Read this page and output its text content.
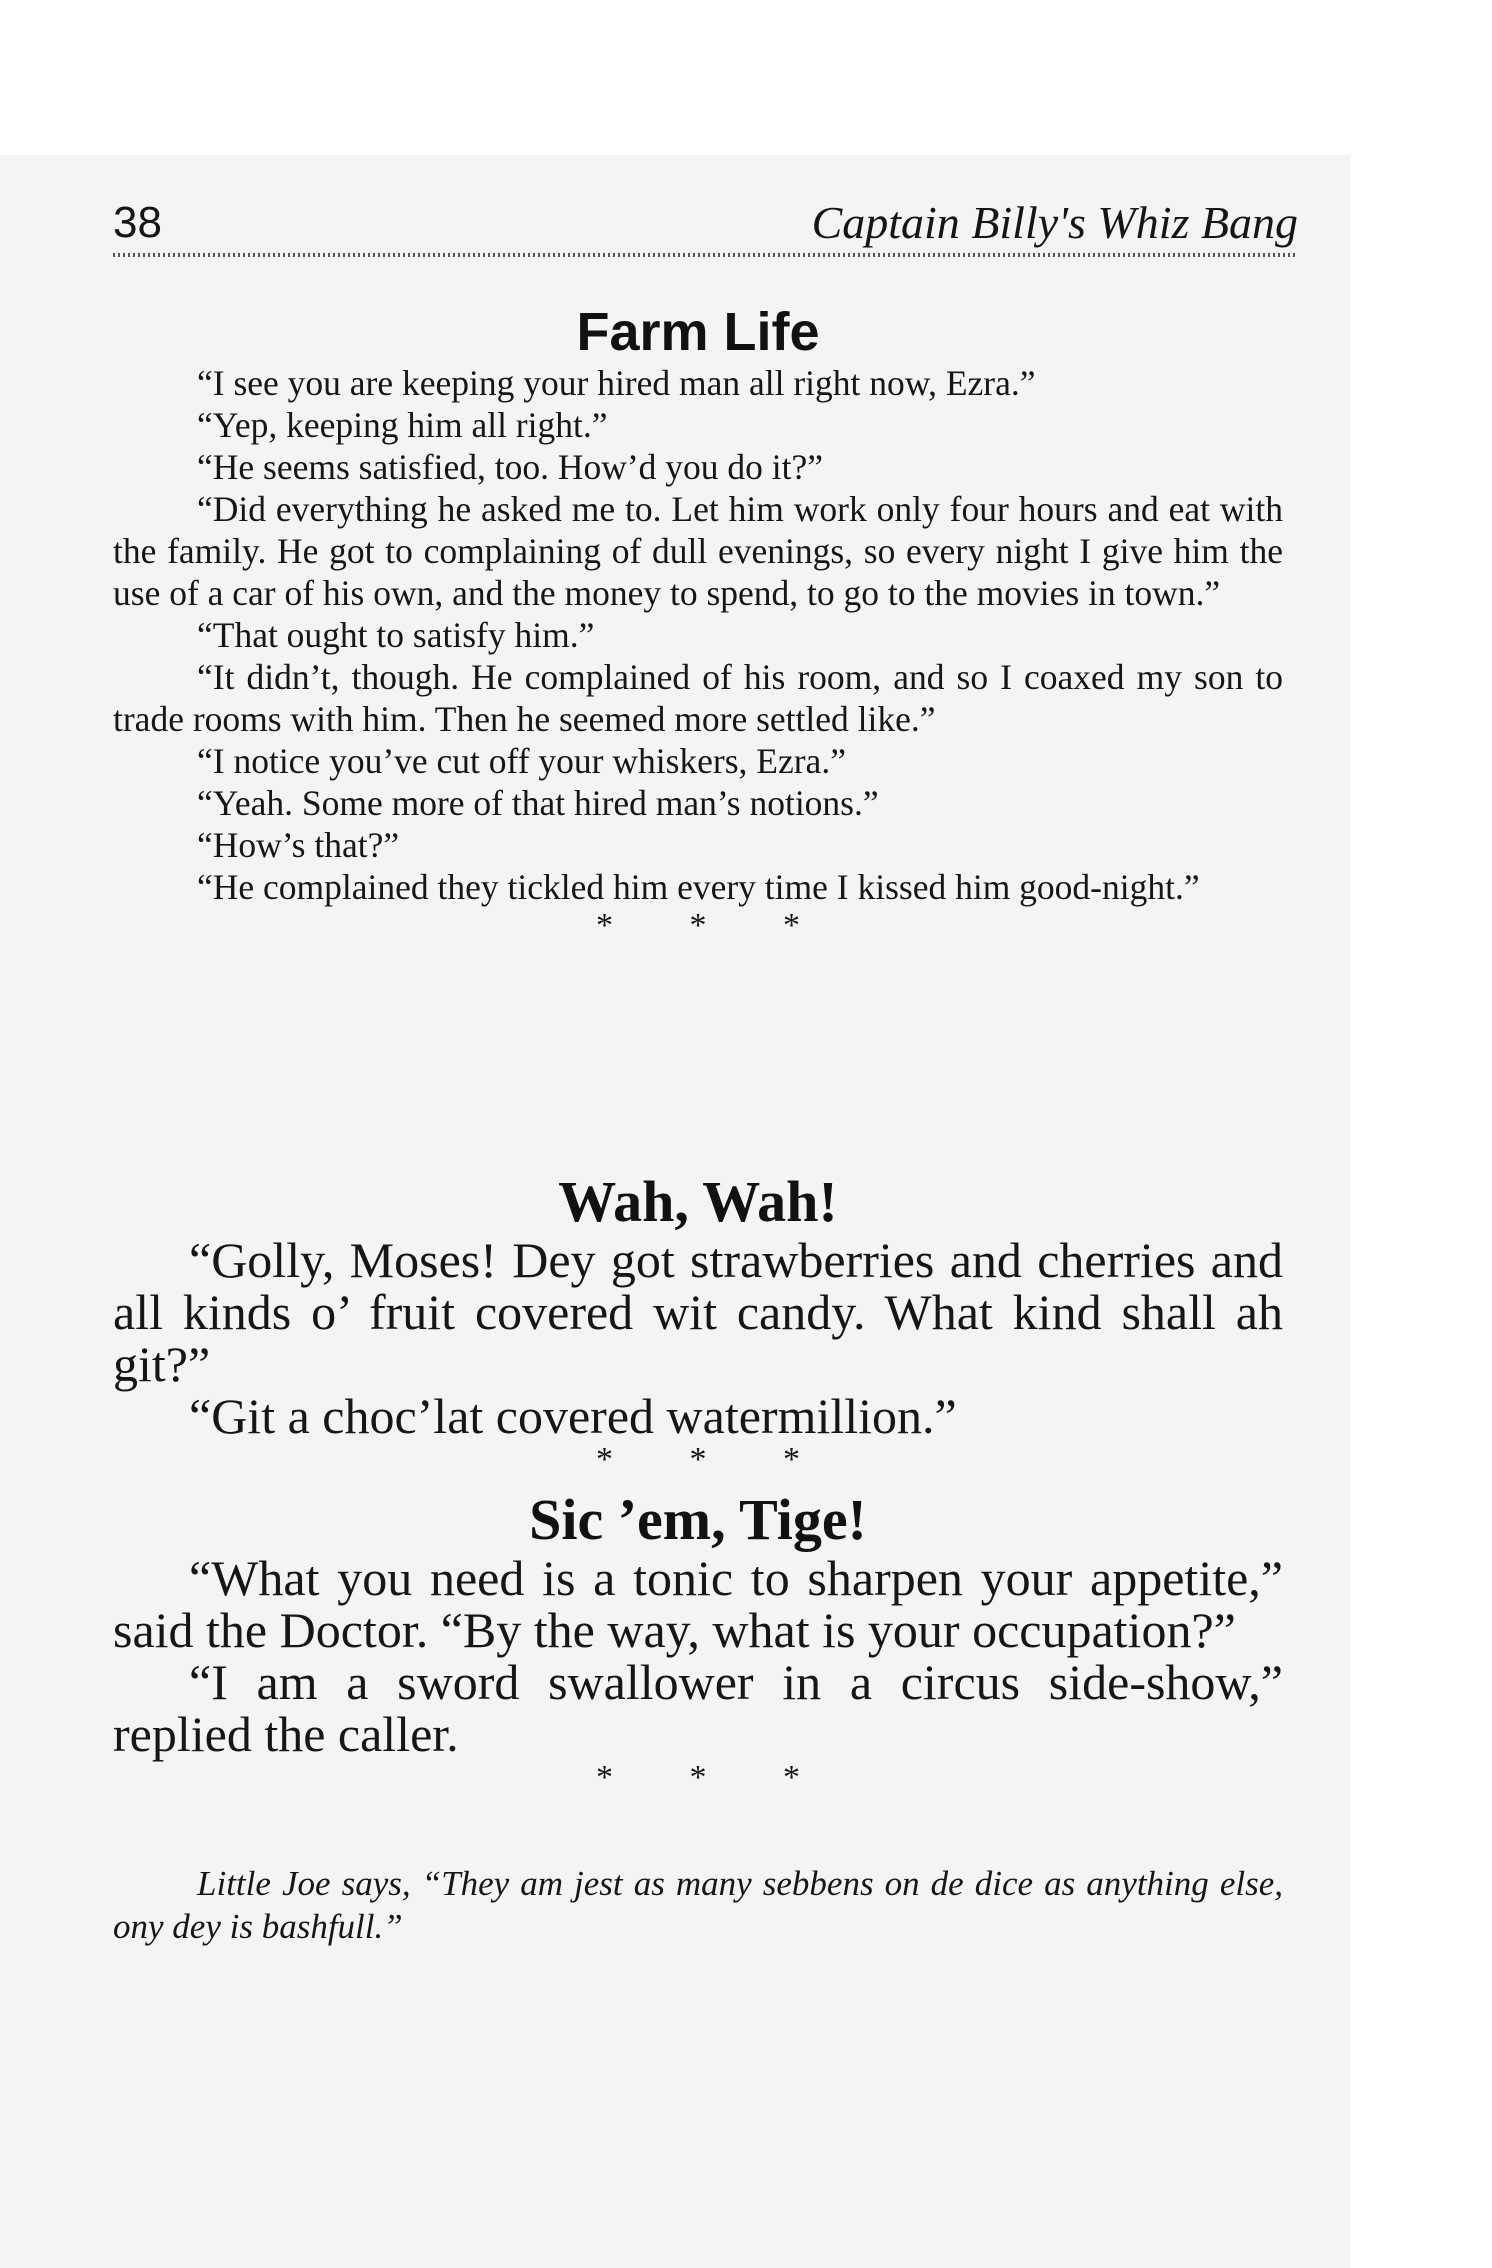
38	Captain Billy's Whiz Bang
Farm Life

“I see you are keeping your hired man all right now, Ezra.”

“Yep, keeping him all right.”

“He seems satisfied, too. How’d you do it?”

“Did everything he asked me to. Let him work only four hours and eat with the family. He got to complaining of dull evenings, so every night I give him the use of a car of his own, and the money to spend, to go to the movies in town.”

“That ought to satisfy him.”

“It didn’t, though. He complained of his room, and so I coaxed my son to trade rooms with him. Then he seemed more settled like.”

“I notice you’ve cut off your whiskers, Ezra.”

“Yeah. Some more of that hired man’s notions.”

“How’s that?”

“He complained they tickled him every time I kissed him good-night.”

* * *
Wah, Wah!

“Golly, Moses! Dey got strawberries and cherries and all kinds o’ fruit covered wit candy. What kind shall ah git?”

“Git a choc’lat covered watermillion.”

* * *
Sic ’em, Tige!

“What you need is a tonic to sharpen your appetite,” said the Doctor. “By the way, what is your occupation?”

“I am a sword swallower in a circus side-show,” replied the caller.

* * *
Little Joe says, “They am jest as many sebbens on de dice as anything else, ony dey is bashfull.”
